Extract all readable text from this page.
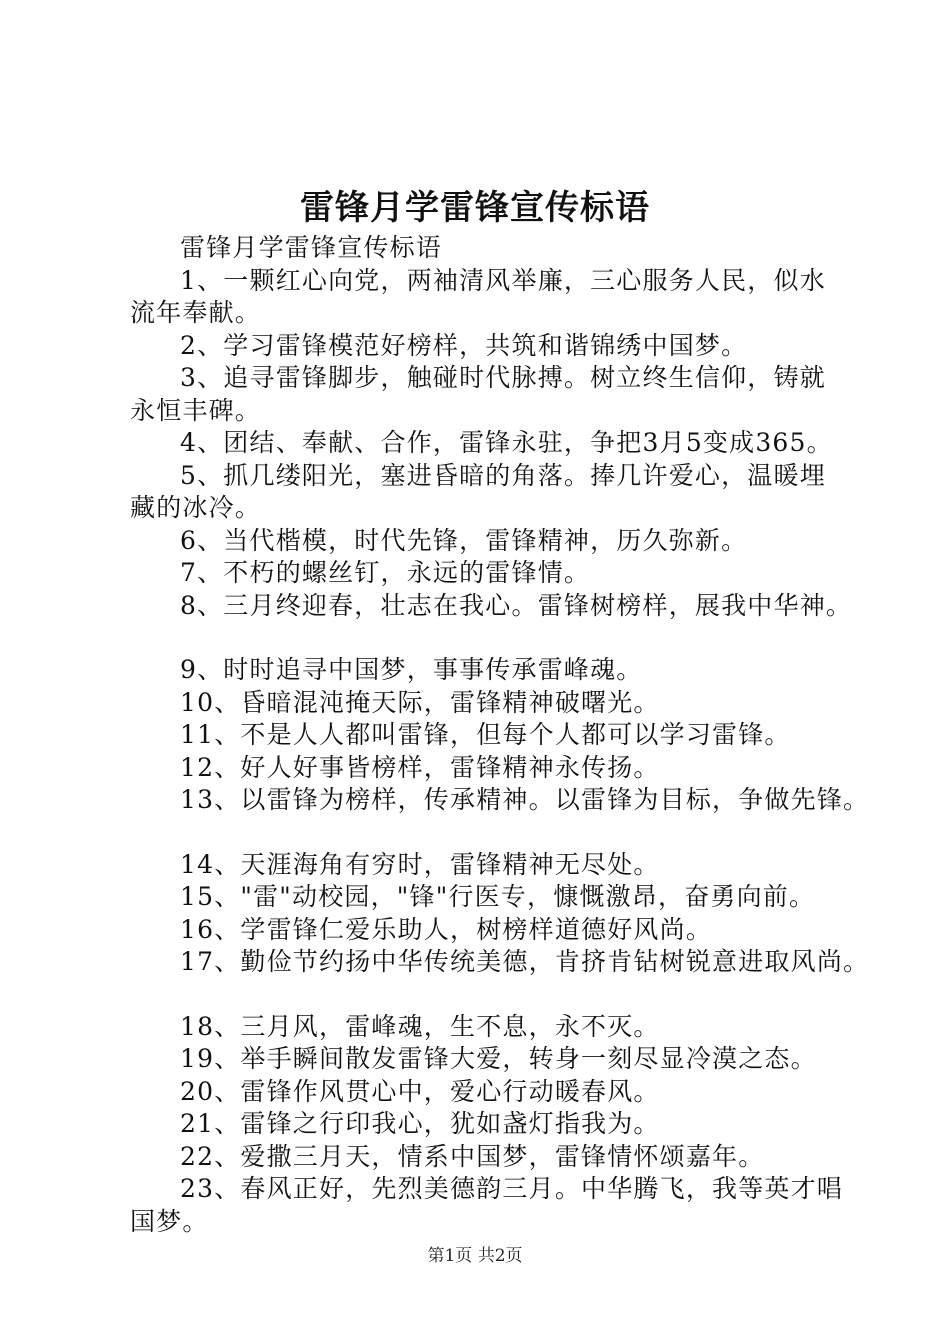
雷锋月学雷锋宣传标语

雷锋月学雷锋宣传标语

1、一颗红心向党，两袖清风举廉，三心服务人民，似水流年奉献。

2、学习雷锋模范好榜样，共筑和谐锦绣中国梦。

3、追寻雷锋脚步，触碰时代脉搏。树立终生信仰，铸就永恒丰碑。

4、团结、奉献、合作，雷锋永驻，争把3月5变成365。

5、抓几缕阳光，塞进昏暗的角落。捧几许爱心，温暖埋藏的冰冷。

6、当代楷模，时代先锋，雷锋精神，历久弥新。

7、不朽的螺丝钉，永远的雷锋情。

8、三月终迎春，壮志在我心。雷锋树榜样，展我中华神。

9、时时追寻中国梦，事事传承雷峰魂。

10、昏暗混沌掩天际，雷锋精神破曙光。

11、不是人人都叫雷锋，但每个人都可以学习雷锋。

12、好人好事皆榜样，雷锋精神永传扬。

13、以雷锋为榜样，传承精神。以雷锋为目标，争做先锋。

14、天涯海角有穷时，雷锋精神无尽处。

15、"雷"动校园，"锋"行医专，慷慨激昂，奋勇向前。

16、学雷锋仁爱乐助人，树榜样道德好风尚。

17、勤俭节约扬中华传统美德，肯挤肯钻树锐意进取风尚。

18、三月风，雷峰魂，生不息，永不灭。

19、举手瞬间散发雷锋大爱，转身一刻尽显冷漠之态。

20、雷锋作风贯心中，爱心行动暖春风。

21、雷锋之行印我心，犹如盏灯指我为。

22、爱撒三月天，情系中国梦，雷锋情怀颂嘉年。

23、春风正好，先烈美德韵三月。中华腾飞，我等英才唱国梦。

第1页 共2页
